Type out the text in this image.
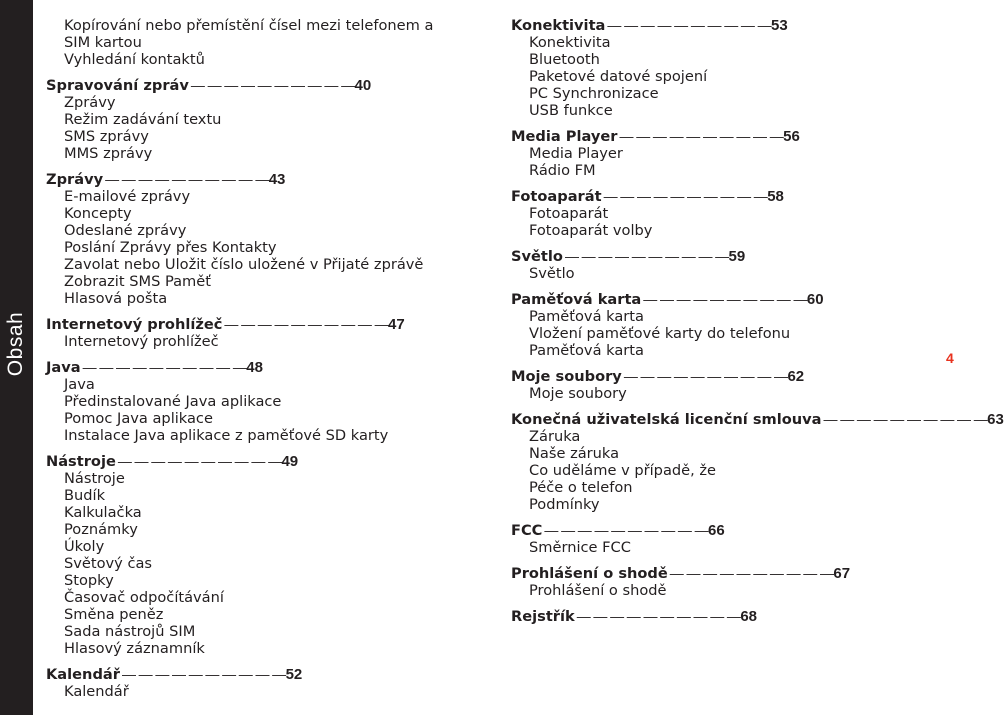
Obsah	4
Kopírování nebo přemístění čísel mezi telefonem a SIM kartou
Vyhledání kontaktů
Spravování zpráv — — — — — — — — — — 40
Zprávy
Režim zadávání textu
SMS zprávy
MMS zprávy
Zprávy — — — — — — — — — — 43
E-mailové zprávy
Koncepty
Odeslané zprávy
Poslání Zprávy přes Kontakty
Zavolat nebo Uložit číslo uložené v Přijaté zprávě
Zobrazit SMS Paměť
Hlasová pošta
Internetový prohlížeč — — — — — — — — — — 47
Internetový prohlížeč
Java — — — — — — — — — — 48
Java
Předinstalované Java aplikace
Pomoc Java aplikace
Instalace Java aplikace z paměťové SD karty
Nástroje — — — — — — — — — — 49
Nástroje
Budík
Kalkulačka
Poznámky
Úkoly
Světový čas
Stopky
Časovač odpočítávání
Směna peněz
Sada nástrojů SIM
Hlasový záznamník
Kalendář — — — — — — — — — — 52
Kalendář
Konektivita — — — — — — — — — — 53
Konektivita
Bluetooth
Paketové datové spojení
PC Synchronizace
USB funkce
Media Player — — — — — — — — — — 56
Media Player
Rádio FM
Fotoaparát — — — — — — — — — — 58
Fotoaparát
Fotoaparát volby
Světlo — — — — — — — — — — 59
Světlo
Paměťová karta — — — — — — — — — — 60
Paměťová karta
Vložení paměťové karty do telefonu
Paměťová karta
Moje soubory — — — — — — — — — — 62
Moje soubory
Konečná uživatelská licenční smlouva — — — — — — — — — — 63
Záruka
Naše záruka
Co uděláme v případě, že
Péče o telefon
Podmínky
FCC — — — — — — — — — — 66
Směrnice FCC
Prohlášení o shodě — — — — — — — — — — 67
Prohlášení o shodě
Rejstřík — — — — — — — — — — 68
